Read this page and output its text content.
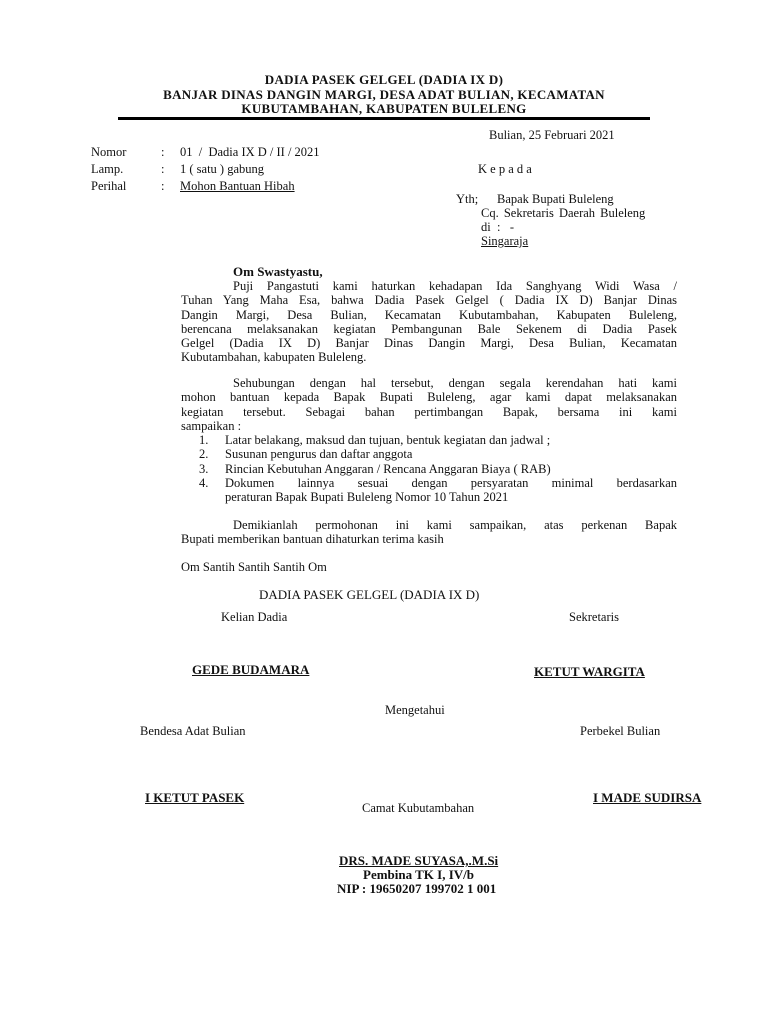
DADIA PASEK GELGEL (DADIA IX D)
BANJAR DINAS DANGIN MARGI, DESA ADAT BULIAN, KECAMATAN
KUBUTAMBAHAN, KABUPATEN BULELENG
Bulian, 25 Februari 2021
Nomor	: 01  /  Dadia IX D / II / 2021
Lamp.	: 1 ( satu ) gabung
Perihal	: Mohon Bantuan Hibah
K e p a d a
Yth; Bapak Bupati Buleleng
Cq. Sekretaris Daerah Buleleng
di  :   -
Singaraja
Om Swastyastu,
Puji Pangastuti kami haturkan kehadapan Ida Sanghyang Widi Wasa /
Tuhan Yang Maha Esa, bahwa Dadia Pasek Gelgel ( Dadia IX D) Banjar Dinas
Dangin Margi, Desa Bulian, Kecamatan Kubutambahan, Kabupaten Buleleng,
berencana melaksanakan kegiatan Pembangunan Bale Sekenem di Dadia Pasek
Gelgel (Dadia IX D) Banjar Dinas Dangin Margi, Desa Bulian, Kecamatan
Kubutambahan, kabupaten Buleleng.
Sehubungan dengan hal tersebut, dengan segala kerendahan hati kami
mohon bantuan kepada Bapak Bupati Buleleng, agar kami dapat melaksanakan
kegiatan tersebut. Sebagai bahan pertimbangan Bapak, bersama ini kami
sampaikan :
1. Latar belakang, maksud dan tujuan, bentuk kegiatan dan jadwal ;
2. Susunan pengurus dan daftar anggota
3. Rincian Kebutuhan Anggaran / Rencana Anggaran Biaya ( RAB)
4. Dokumen lainnya sesuai dengan persyaratan minimal berdasarkan
peraturan Bapak Bupati Buleleng Nomor 10 Tahun 2021
Demikianlah permohonan ini kami sampaikan, atas perkenan Bapak
Bupati memberikan bantuan dihaturkan terima kasih
Om Santih Santih Santih Om
DADIA PASEK GELGEL (DADIA IX D)
Kelian Dadia	Sekretaris
GEDE BUDAMARA	KETUT WARGITA
Mengetahui
Bendesa Adat Bulian	Perbekel Bulian
I KETUT PASEK	I MADE SUDIRSA
Camat Kubutambahan
DRS. MADE SUYASA,.M.Si
Pembina TK I, IV/b
NIP : 19650207 199702 1 001
